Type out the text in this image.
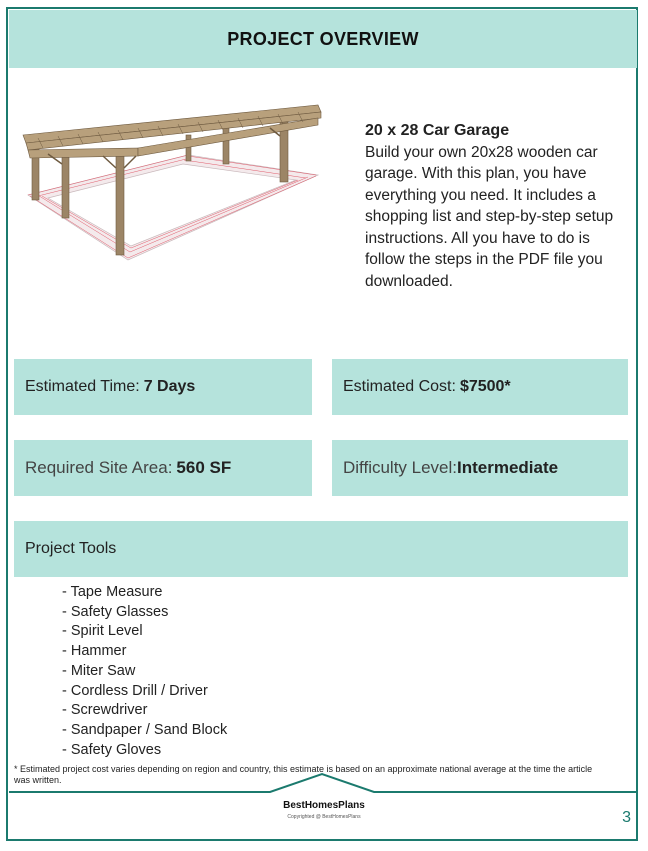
PROJECT OVERVIEW
20 x 28 Car Garage
Build your own 20x28 wooden car garage. With this plan, you have everything you need. It includes a shopping list and step-by-step setup instructions. All you have to do is follow the steps in the PDF file you downloaded.
Estimated Time: 7 Days	Estimated Cost: $7500*
Required Site Area: 560 SF	Difficulty Level: Intermediate
Project Tools
- Tape Measure
- Safety Glasses
- Spirit Level
- Hammer
- Miter Saw
- Cordless Drill / Driver
- Screwdriver
- Sandpaper / Sand Block
- Safety Gloves
* Estimated project cost varies depending on region and country, this estimate is based on an approximate national average at the time the article was written.
BestHomesPlans
Copyrighted @ BestHomesPlans	3
